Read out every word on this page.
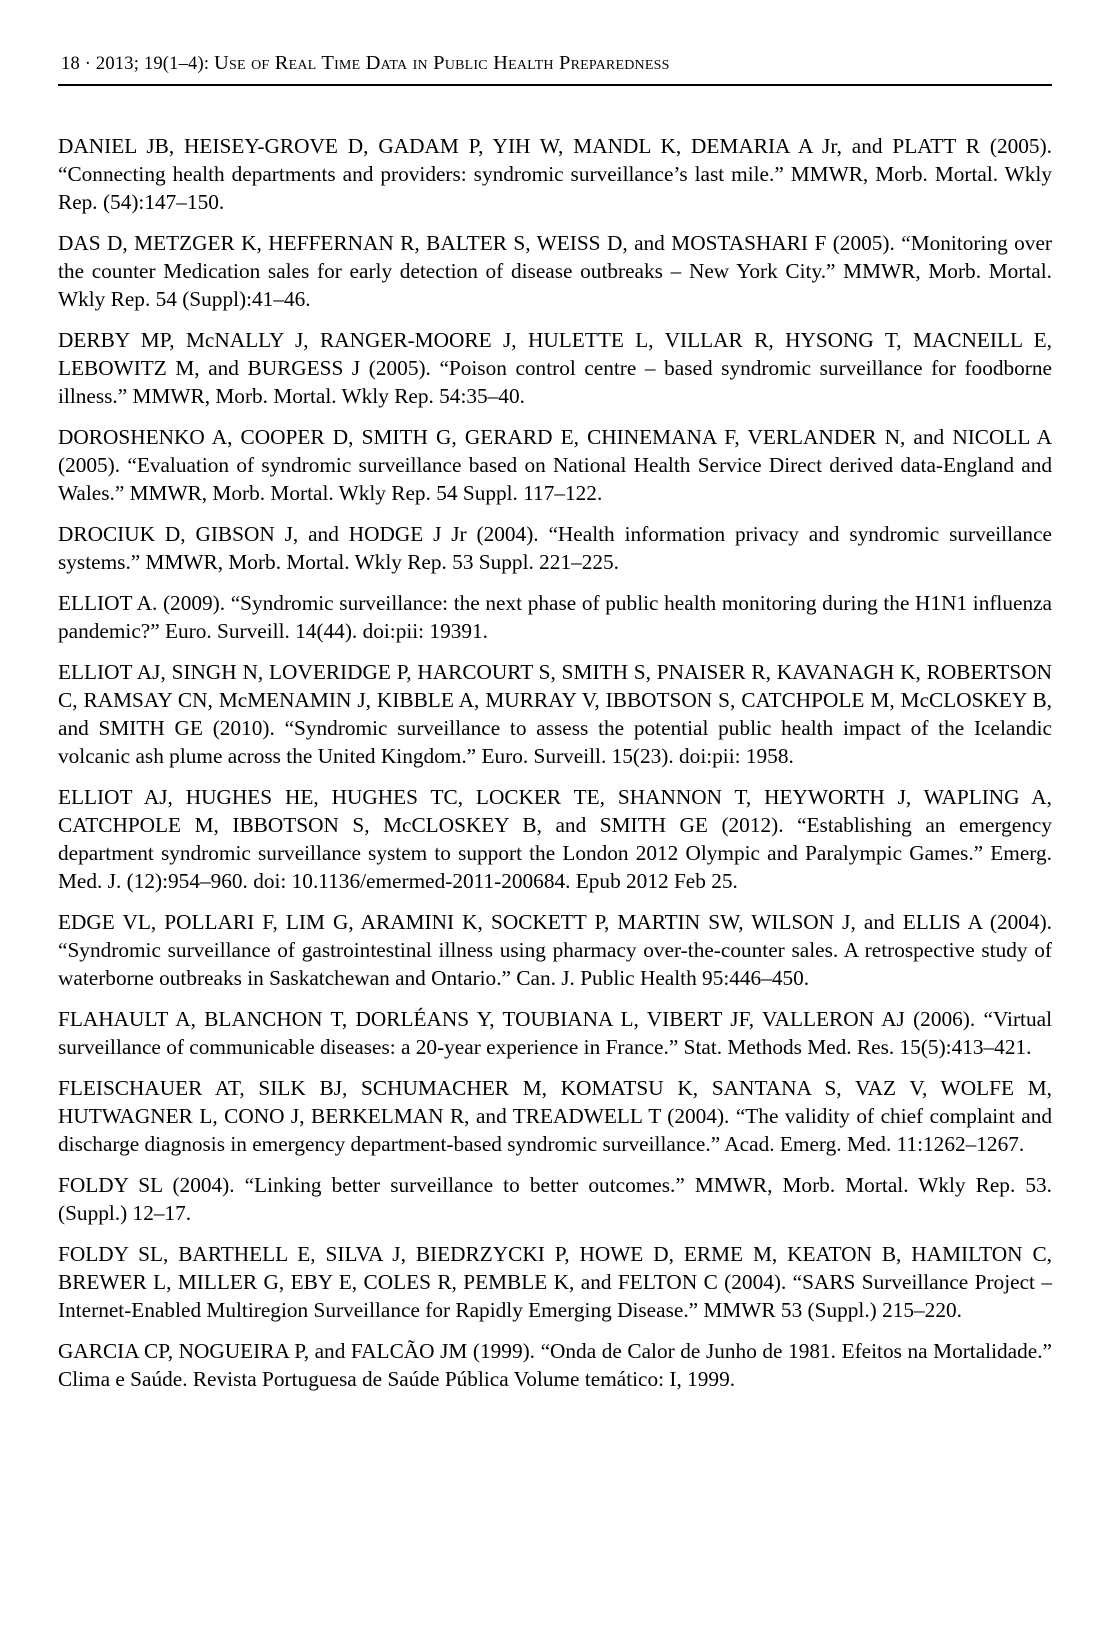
18 · 2013; 19(1–4): Use of Real Time Data in Public Health Preparedness

DANIEL JB, HEISEY-GROVE D, GADAM P, YIH W, MANDL K, DEMARIA A Jr, and PLATT R (2005). “Connecting health departments and providers: syndromic surveillance’s last mile.” MMWR, Morb. Mortal. Wkly Rep. (54):147–150.

DAS D, METZGER K, HEFFERNAN R, BALTER S, WEISS D, and MOSTASHARI F (2005). “Monitoring over the counter Medication sales for early detection of disease outbreaks – New York City.” MMWR, Morb. Mortal. Wkly Rep. 54 (Suppl):41–46.

DERBY MP, McNALLY J, RANGER-MOORE J, HULETTE L, VILLAR R, HYSONG T, MACNEILL E, LEBOWITZ M, and BURGESS J (2005). “Poison control centre – based syndromic surveillance for foodborne illness.” MMWR, Morb. Mortal. Wkly Rep. 54:35–40.

DOROSHENKO A, COOPER D, SMITH G, GERARD E, CHINEMANA F, VERLANDER N, and NICOLL A (2005). “Evaluation of syndromic surveillance based on National Health Service Direct derived data-England and Wales.” MMWR, Morb. Mortal. Wkly Rep. 54 Suppl. 117–122.

DROCIUK D, GIBSON J, and HODGE J Jr (2004). “Health information privacy and syndromic surveillance systems.” MMWR, Morb. Mortal. Wkly Rep. 53 Suppl. 221–225.

ELLIOT A. (2009). “Syndromic surveillance: the next phase of public health monitoring during the H1N1 influenza pandemic?” Euro. Surveill. 14(44). doi:pii: 19391.

ELLIOT AJ, SINGH N, LOVERIDGE P, HARCOURT S, SMITH S, PNAISER R, KAVANAGH K, ROBERTSON C, RAMSAY CN, McMENAMIN J, KIBBLE A, MURRAY V, IBBOTSON S, CATCHPOLE M, McCLOSKEY B, and SMITH GE (2010). “Syndromic surveillance to assess the potential public health impact of the Icelandic volcanic ash plume across the United Kingdom.” Euro. Surveill. 15(23). doi:pii: 1958.

ELLIOT AJ, HUGHES HE, HUGHES TC, LOCKER TE, SHANNON T, HEYWORTH J, WAPLING A, CATCHPOLE M, IBBOTSON S, McCLOSKEY B, and SMITH GE (2012). “Establishing an emergency department syndromic surveillance system to support the London 2012 Olympic and Paralympic Games.” Emerg. Med. J. (12):954–960. doi: 10.1136/emermed-2011-200684. Epub 2012 Feb 25.

EDGE VL, POLLARI F, LIM G, ARAMINI K, SOCKETT P, MARTIN SW, WILSON J, and ELLIS A (2004). “Syndromic surveillance of gastrointestinal illness using pharmacy over-the-counter sales. A retrospective study of waterborne outbreaks in Saskatchewan and Ontario.” Can. J. Public Health 95:446–450.

FLAHAULT A, BLANCHON T, DORLÉANS Y, TOUBIANA L, VIBERT JF, VALLERON AJ (2006). “Virtual surveillance of communicable diseases: a 20-year experience in France.” Stat. Methods Med. Res. 15(5):413–421.

FLEISCHAUER AT, SILK BJ, SCHUMACHER M, KOMATSU K, SANTANA S, VAZ V, WOLFE M, HUTWAGNER L, CONO J, BERKELMAN R, and TREADWELL T (2004). “The validity of chief complaint and discharge diagnosis in emergency department-based syndromic surveillance.” Acad. Emerg. Med. 11:1262–1267.

FOLDY SL (2004). “Linking better surveillance to better outcomes.” MMWR, Morb. Mortal. Wkly Rep. 53. (Suppl.) 12–17.

FOLDY SL, BARTHELL E, SILVA J, BIEDRZYCKI P, HOWE D, ERME M, KEATON B, HAMILTON C, BREWER L, MILLER G, EBY E, COLES R, PEMBLE K, and FELTON C (2004). “SARS Surveillance Project – Internet-Enabled Multiregion Surveillance for Rapidly Emerging Disease.” MMWR 53 (Suppl.) 215–220.

GARCIA CP, NOGUEIRA P, and FALCÃO JM (1999). “Onda de Calor de Junho de 1981. Efeitos na Mortalidade.” Clima e Saúde. Revista Portuguesa de Saúde Pública Volume temático: I, 1999.
